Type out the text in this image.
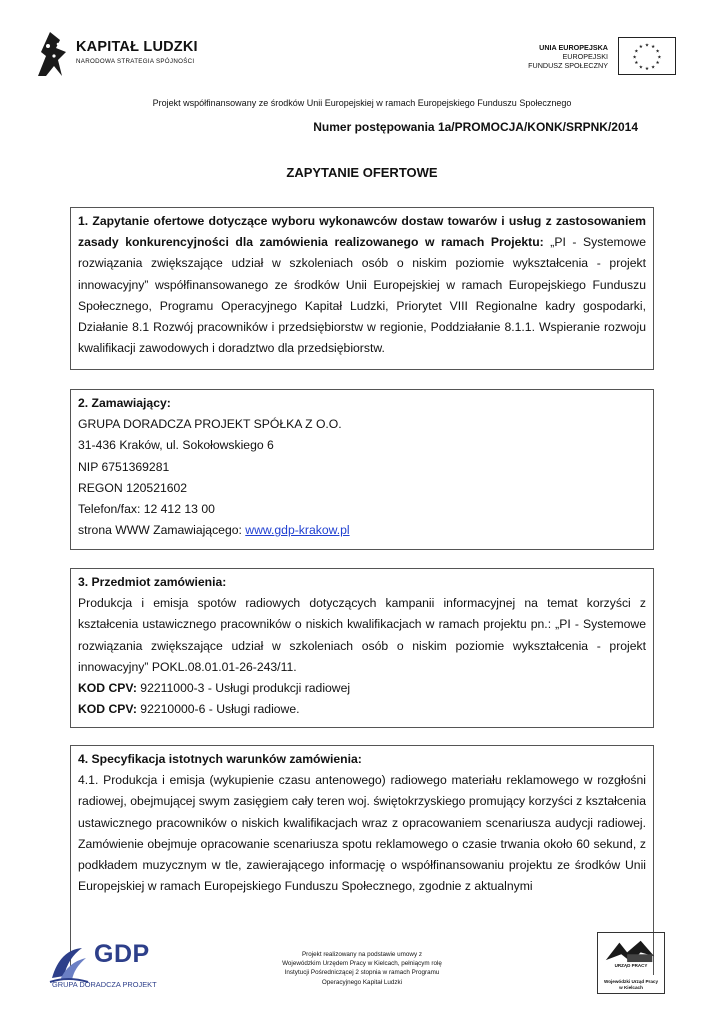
KAPITAŁ LUDZKI
NARODOWA STRATEGIA SPÓJNOŚCI
UNIA EUROPEJSKA
EUROPEJSKI
FUNDUSZ SPOŁECZNY
★ ★
★
★
★
★
★
★
★
★
★
★
Projekt współfinansowany ze środków Unii Europejskiej w ramach Europejskiego Funduszu Społecznego
Numer postępowania 1a/PROMOCJA/KONK/SRPNK/2014
ZAPYTANIE OFERTOWE

1. Zapytanie ofertowe dotyczące wyboru wykonawców dostaw towarów i usług z zastosowaniem zasady konkurencyjności dla zamówienia realizowanego w ramach Projektu: „PI - Systemowe rozwiązania zwiększające udział w szkoleniach osób o niskim poziomie wykształcenia - projekt innowacyjny” współfinansowanego ze środków Unii Europejskiej w ramach Europejskiego Funduszu Społecznego, Programu Operacyjnego Kapitał Ludzki, Priorytet VIII Regionalne kadry gospodarki, Działanie 8.1 Rozwój pracowników i przedsiębiorstw w regionie, Poddziałanie 8.1.1. Wspieranie rozwoju kwalifikacji zawodowych i doradztwo dla przedsiębiorstw.

2. Zamawiający:

GRUPA DORADCZA PROJEKT SPÓŁKA Z O.O.

31-436 Kraków, ul. Sokołowskiego 6

NIP 6751369281

REGON 120521602

Telefon/fax: 12 412 13 00

strona WWW Zamawiającego: www.gdp-krakow.pl

3. Przedmiot zamówienia:

Produkcja i emisja spotów radiowych dotyczących kampanii informacyjnej na temat korzyści z kształcenia ustawicznego pracowników o niskich kwalifikacjach w ramach projektu pn.: „PI - Systemowe rozwiązania zwiększające udział w szkoleniach osób o niskim poziomie wykształcenia - projekt innowacyjny” POKL.08.01.01-26-243/11.

KOD CPV: 92211000-3 - Usługi produkcji radiowej

KOD CPV: 92210000-6 - Usługi radiowe.

4. Specyfikacja istotnych warunków zamówienia:

4.1. Produkcja i emisja (wykupienie czasu antenowego) radiowego materiału reklamowego w rozgłośni radiowej, obejmującej swym zasięgiem cały teren woj. świętokrzyskiego promujący korzyści z kształcenia ustawicznego pracowników o niskich kwalifikacjach wraz z opracowaniem scenariusza audycji radiowej. Zamówienie obejmuje opracowanie scenariusza spotu reklamowego o czasie trwania około 60 sekund, z podkładem muzycznym w tle, zawierającego informację o współfinansowaniu projektu ze środków Unii Europejskiej w ramach Europejskiego Funduszu Społecznego, zgodnie z aktualnymi

GDP
GRUPA DORADCZA PROJEKT
Projekt realizowany na podstawie umowy z
Wojewódzkim Urzędem Pracy w Kielcach, pełniącym rolę
Instytucji Pośredniczącej 2 stopnia w ramach Programu
Operacyjnego Kapitał Ludzki
URZĄD PRACY
Wojewódzki Urząd Pracy
w Kielcach
